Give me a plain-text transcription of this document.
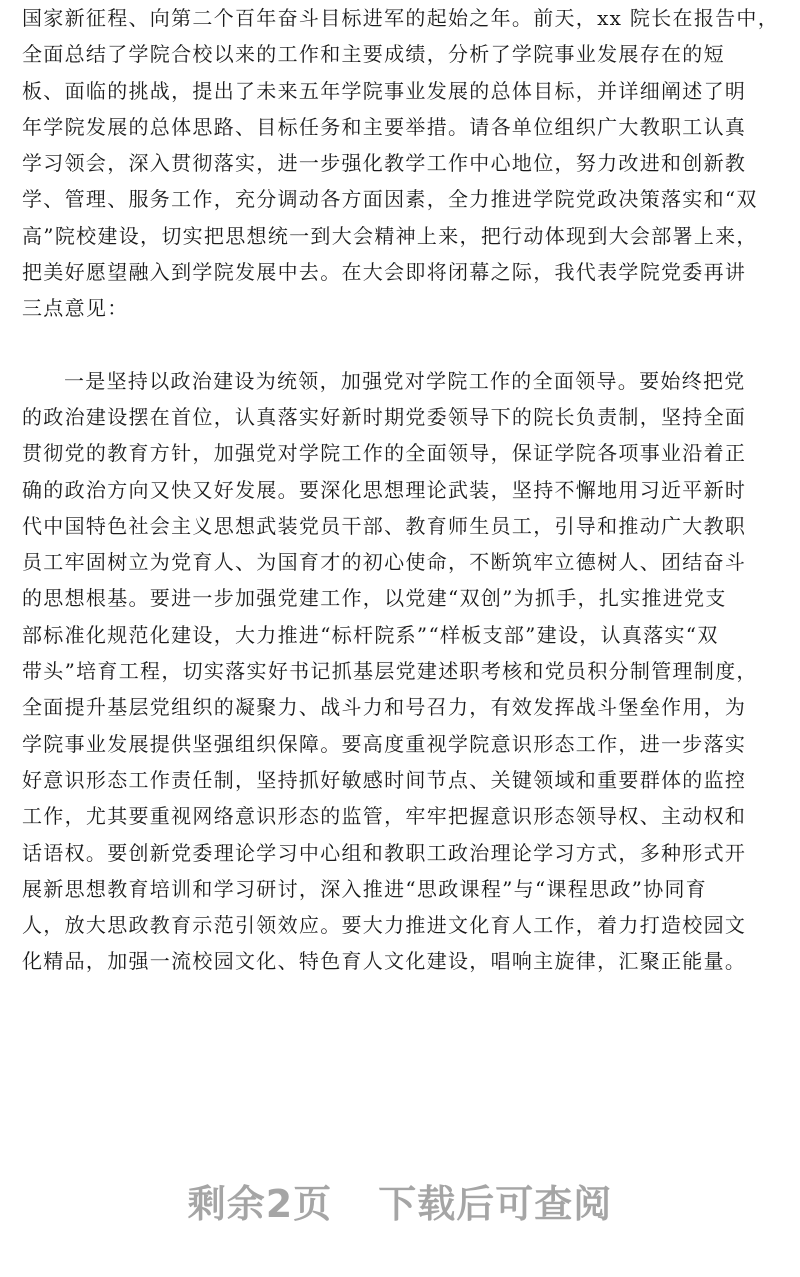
国家新征程、向第二个百年奋斗目标进军的起始之年。前天，xx 院长在报告中，
全面总结了学院合校以来的工作和主要成绩，分析了学院事业发展存在的短
板、面临的挑战，提出了未来五年学院事业发展的总体目标，并详细阐述了明
年学院发展的总体思路、目标任务和主要举措。请各单位组织广大教职工认真
学习领会，深入贯彻落实，进一步强化教学工作中心地位，努力改进和创新教
学、管理、服务工作，充分调动各方面因素，全力推进学院党政决策落实和“双
高”院校建设，切实把思想统一到大会精神上来，把行动体现到大会部署上来，
把美好愿望融入到学院发展中去。在大会即将闭幕之际，我代表学院党委再讲
三点意见：
一是坚持以政治建设为统领，加强党对学院工作的全面领导。要始终把党
的政治建设摆在首位，认真落实好新时期党委领导下的院长负责制，坚持全面
贯彻党的教育方针，加强党对学院工作的全面领导，保证学院各项事业沿着正
确的政治方向又快又好发展。要深化思想理论武装，坚持不懈地用习近平新时
代中国特色社会主义思想武装党员干部、教育师生员工，引导和推动广大教职
员工牢固树立为党育人、为国育才的初心使命，不断筑牢立德树人、团结奋斗
的思想根基。要进一步加强党建工作，以党建“双创”为抓手，扎实推进党支
部标准化规范化建设，大力推进“标杆院系”“样板支部”建设，认真落实“双
带头”培育工程，切实落实好书记抓基层党建述职考核和党员积分制管理制度，
全面提升基层党组织的凝聚力、战斗力和号召力，有效发挥战斗堡垒作用，为
学院事业发展提供坚强组织保障。要高度重视学院意识形态工作，进一步落实
好意识形态工作责任制，坚持抓好敏感时间节点、关键领域和重要群体的监控
工作，尤其要重视网络意识形态的监管，牢牢把握意识形态领导权、主动权和
话语权。要创新党委理论学习中心组和教职工政治理论学习方式，多种形式开
展新思想教育培训和学习研讨，深入推进“思政课程”与“课程思政”协同育
人，放大思政教育示范引领效应。要大力推进文化育人工作，着力打造校园文
化精品，加强一流校园文化、特色育人文化建设，唱响主旋律，汇聚正能量。
剩余2页 下载后可查阅
